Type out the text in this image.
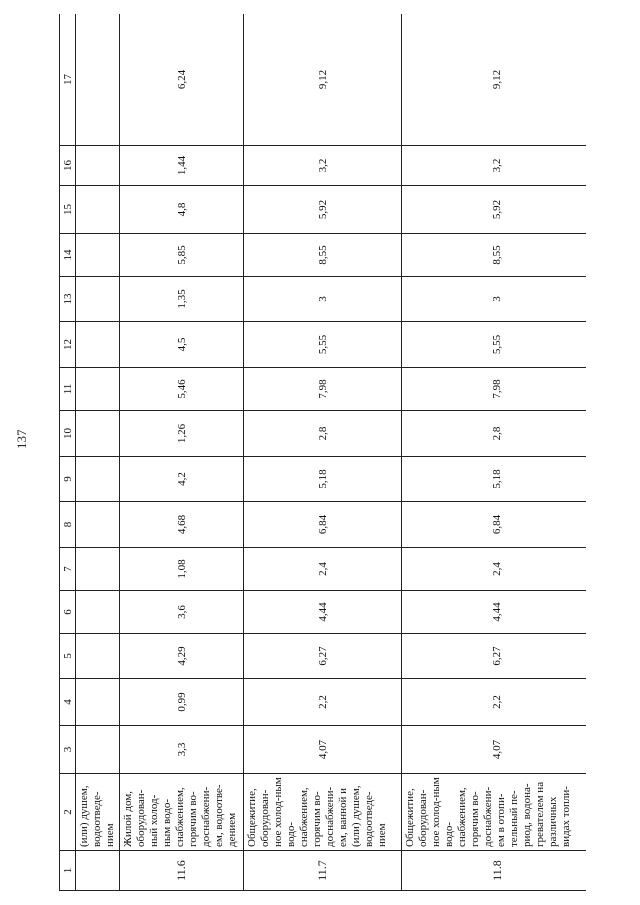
137
1	2	3	4	5	6	7	8	9	10	11	12	13	14	15	16	17
	(или) душем, водоотведе-нием															
11.6	Жилой дом, оборудован-ный холод-ным водо-снабжением, горячим во-доснабжени-ем, водоотве-дением	3,3	0,99	4,29	3,6	1,08	4,68	4,2	1,26	5,46	4,5	1,35	5,85	4,8	1,44	6,24
11.7	Общежитие, оборудован-ное холод-ным водо-снабжением, горячим во-доснабжени-ем, ванной и (или) душем, водоотведе-нием	4,07	2,2	6,27	4,44	2,4	6,84	5,18	2,8	7,98	5,55	3	8,55	5,92	3,2	9,12
11.8	Общежитие, оборудован-ное холод-ным водо-снабжением, горячим во-доснабжени-ем в отопи-тельный пе-риод, водона-гревателем на различных видах топли-	4,07	2,2	6,27	4,44	2,4	6,84	5,18	2,8	7,98	5,55	3	8,55	5,92	3,2	9,12
